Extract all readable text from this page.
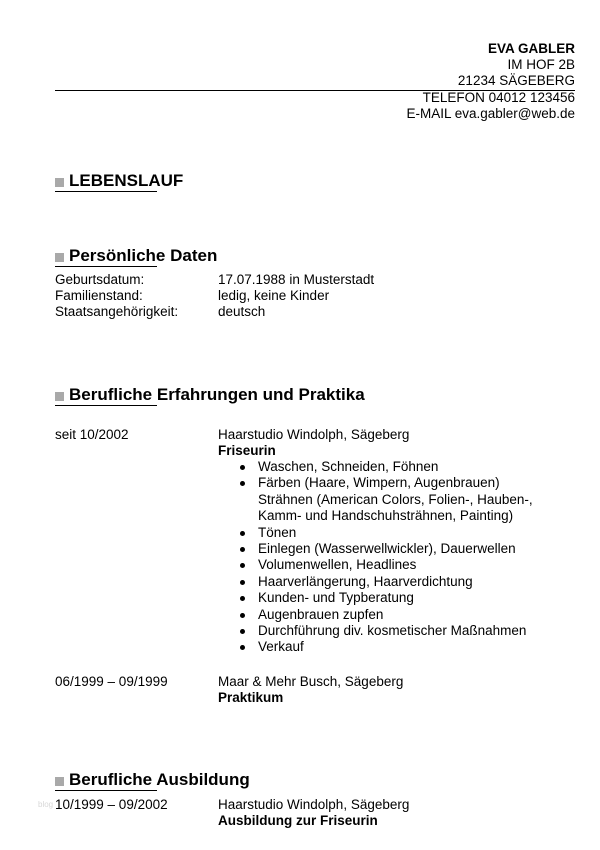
EVA GABLER
IM HOF 2B
21234 SÄGEBERG
TELEFON 04012 123456
E-MAIL eva.gabler@web.de
LEBENSLAUF
Persönliche Daten
Geburtsdatum:	17.07.1988 in Musterstadt
Familienstand:	ledig, keine Kinder
Staatsangehörigkeit:	deutsch
Berufliche Erfahrungen und Praktika
seit 10/2002	Haarstudio Windolph, Sägeberg
Friseurin
Waschen, Schneiden, Föhnen
Färben (Haare, Wimpern, Augenbrauen)
Strähnen (American Colors, Folien-, Hauben-,
Kamm- und Handschuhsträhnen, Painting)
Tönen
Einlegen (Wasserwellwickler), Dauerwellen
Volumenwellen, Headlines
Haarverlängerung, Haarverdichtung
Kunden- und Typberatung
Augenbrauen zupfen
Durchführung div. kosmetischer Maßnahmen
Verkauf
06/1999 – 09/1999	Maar & Mehr Busch, Sägeberg
Praktikum
Berufliche Ausbildung
10/1999 – 09/2002	Haarstudio Windolph, Sägeberg
Ausbildung zur Friseurin
blog
